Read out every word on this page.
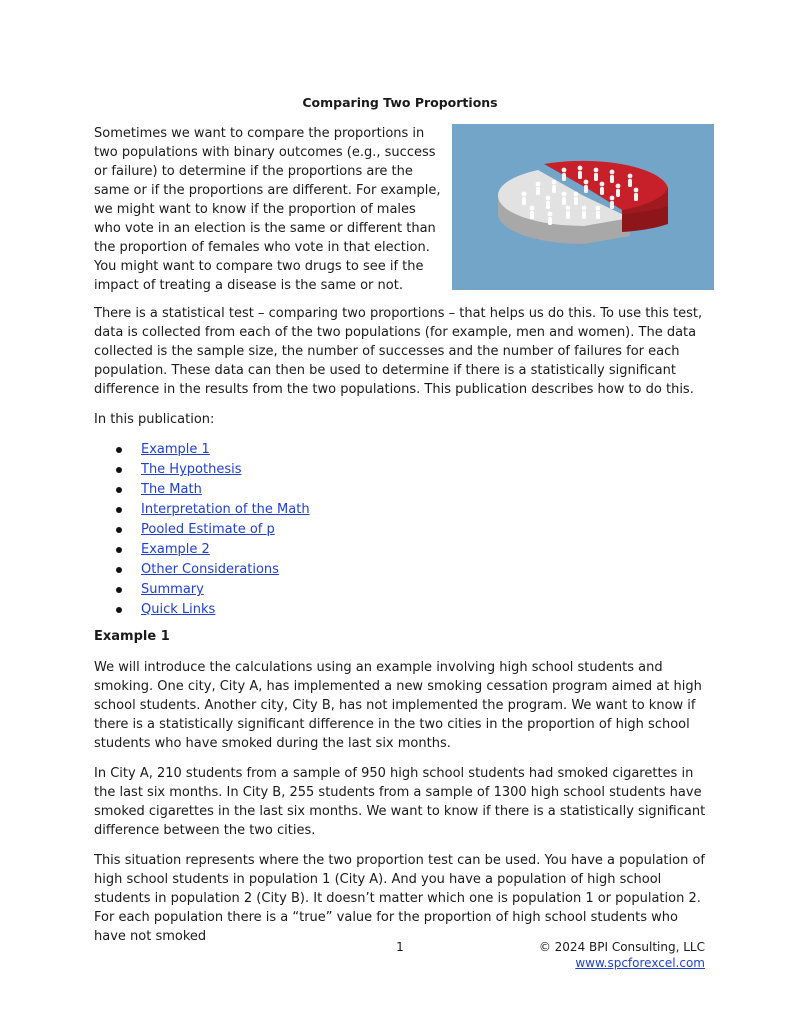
Comparing Two Proportions

Sometimes we want to compare the proportions in two populations with binary outcomes (e.g., success or failure) to determine if the proportions are the same or if the proportions are different. For example, we might want to know if the proportion of males who vote in an election is the same or different than the proportion of females who vote in that election. You might want to compare two drugs to see if the impact of treating a disease is the same or not.

There is a statistical test – comparing two proportions – that helps us do this. To use this test, data is collected from each of the two populations (for example, men and women). The data collected is the sample size, the number of successes and the number of failures for each population. These data can then be used to determine if there is a statistically significant difference in the results from the two populations. This publication describes how to do this.

In this publication:

Example 1
The Hypothesis
The Math
Interpretation of the Math
Pooled Estimate of p
Example 2
Other Considerations
Summary
Quick Links
Example 1

We will introduce the calculations using an example involving high school students and smoking. One city, City A, has implemented a new smoking cessation program aimed at high school students. Another city, City B, has not implemented the program. We want to know if there is a statistically significant difference in the two cities in the proportion of high school students who have smoked during the last six months.

In City A, 210 students from a sample of 950 high school students had smoked cigarettes in the last six months. In City B, 255 students from a sample of 1300 high school students have smoked cigarettes in the last six months. We want to know if there is a statistically significant difference between the two cities.

This situation represents where the two proportion test can be used. You have a population of high school students in population 1 (City A). And you have a population of high school students in population 2 (City B). It doesn’t matter which one is population 1 or population 2. For each population there is a “true” value for the proportion of high school students who have not smoked

1	© 2024 BPI Consulting, LLC
www.spcforexcel.com
